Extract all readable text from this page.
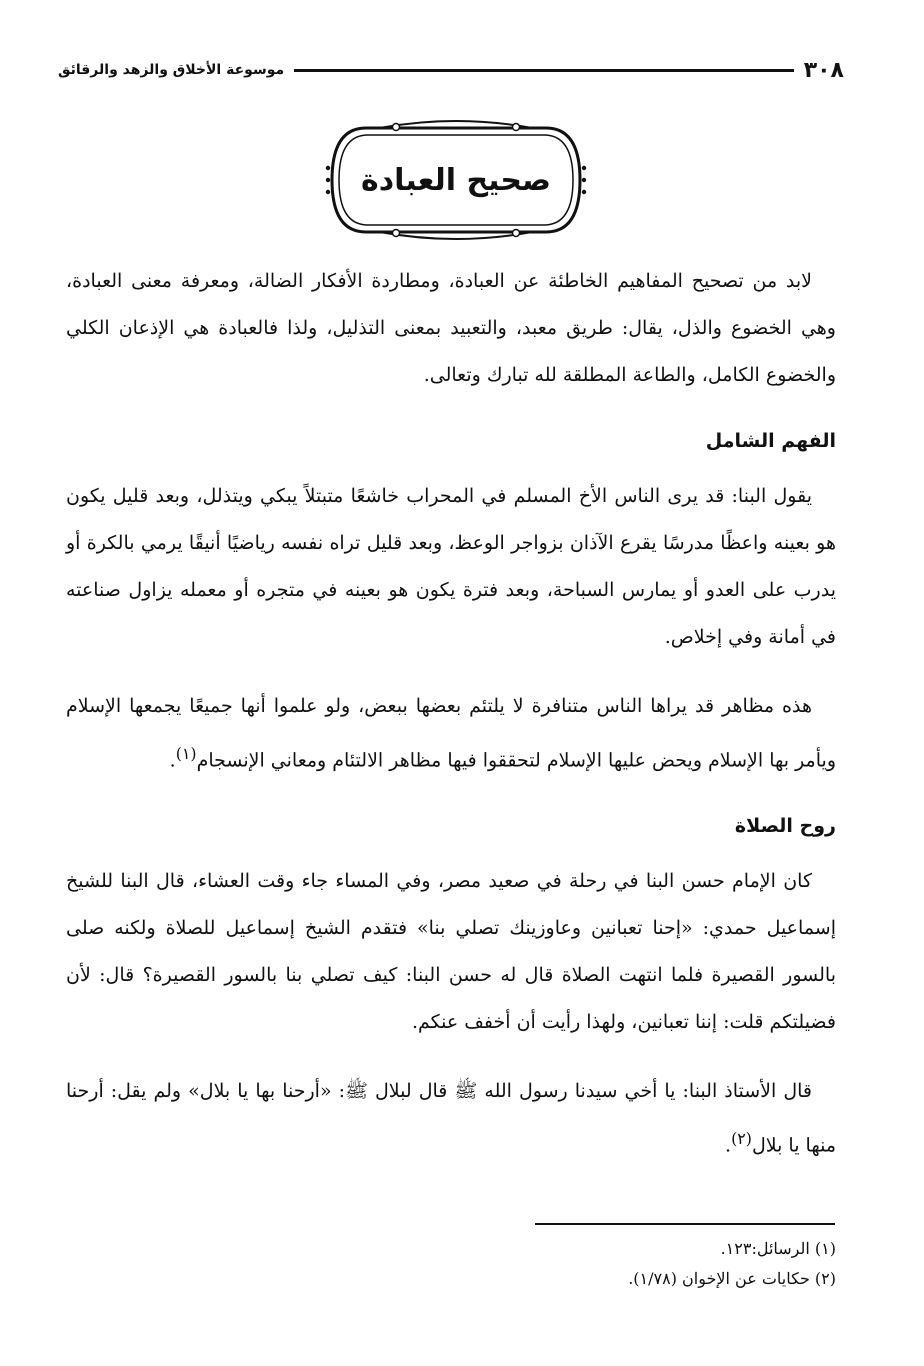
٣٠٨
موسوعة الأخلاق والزهد والرقائق
صحيح العبادة

لابد من تصحيح المفاهيم الخاطئة عن العبادة، ومطاردة الأفكار الضالة، ومعرفة معنى العبادة، وهي الخضوع والذل، يقال: طريق معبد، والتعبيد بمعنى التذليل، ولذا فالعبادة هي الإذعان الكلي والخضوع الكامل، والطاعة المطلقة لله تبارك وتعالى.

الفهم الشامل

يقول البنا: قد يرى الناس الأخ المسلم في المحراب خاشعًا متبتلاً يبكي ويتذلل، وبعد قليل يكون هو بعينه واعظًا مدرسًا يقرع الآذان بزواجر الوعظ، وبعد قليل تراه نفسه رياضيًا أنيقًا يرمي بالكرة أو يدرب على العدو أو يمارس السباحة، وبعد فترة يكون هو بعينه في متجره أو معمله يزاول صناعته في أمانة وفي إخلاص.

هذه مظاهر قد يراها الناس متنافرة لا يلتئم بعضها ببعض، ولو علموا أنها جميعًا يجمعها الإسلام ويأمر بها الإسلام ويحض عليها الإسلام لتحققوا فيها مظاهر الالتئام ومعاني الإنسجام$^{(١)}$.

روح الصلاة

كان الإمام حسن البنا في رحلة في صعيد مصر، وفي المساء جاء وقت العشاء، قال البنا للشيخ إسماعيل حمدي: «إحنا تعبانين وعاوزينك تصلي بنا» فتقدم الشيخ إسماعيل للصلاة ولكنه صلى بالسور القصيرة فلما انتهت الصلاة قال له حسن البنا: كيف تصلي بنا بالسور القصيرة؟ قال: لأن فضيلتكم قلت: إننا تعبانين، ولهذا رأيت أن أخفف عنكم.

قال الأستاذ البنا: يا أخي سيدنا رسول الله ﷺ قال لبلال ﷺ: «أرحنا بها يا بلال» ولم يقل: أرحنا منها يا بلال$^{(٢)}$.

(١) الرسائل:١٢٣.

(٢) حكايات عن الإخوان (١/٧٨).
